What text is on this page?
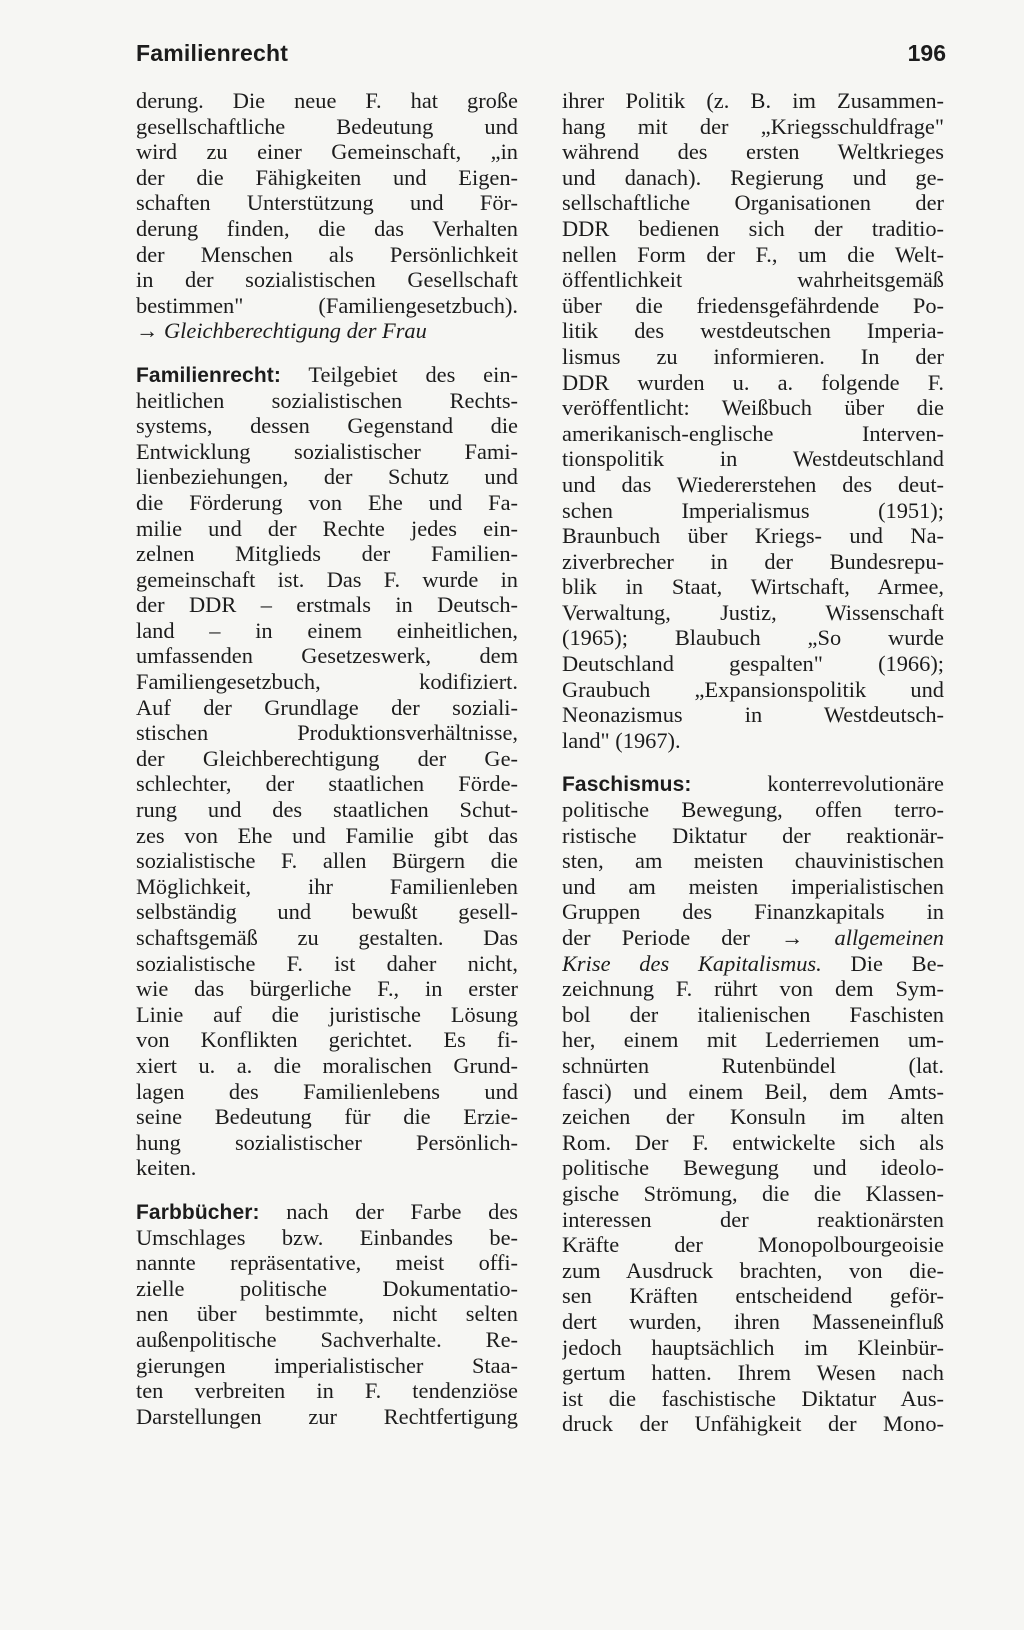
Familienrecht	196
derung. Die neue F. hat große
gesellschaftliche Bedeutung und
wird zu einer Gemeinschaft, „in
der die Fähigkeiten und Eigen-
schaften Unterstützung und För-
derung finden, die das Verhalten
der Menschen als Persönlichkeit
in der sozialistischen Gesellschaft
bestimmen" (Familiengesetzbuch).
→ Gleichberechtigung der Frau
Familienrecht: Teilgebiet des ein-
heitlichen sozialistischen Rechts-
systems, dessen Gegenstand die
Entwicklung sozialistischer Fami-
lienbeziehungen, der Schutz und
die Förderung von Ehe und Fa-
milie und der Rechte jedes ein-
zelnen Mitglieds der Familien-
gemeinschaft ist. Das F. wurde in
der DDR – erstmals in Deutsch-
land – in einem einheitlichen,
umfassenden Gesetzeswerk, dem
Familiengesetzbuch, kodifiziert.
Auf der Grundlage der soziali-
stischen Produktionsverhältnisse,
der Gleichberechtigung der Ge-
schlechter, der staatlichen Förde-
rung und des staatlichen Schut-
zes von Ehe und Familie gibt das
sozialistische F. allen Bürgern die
Möglichkeit, ihr Familienleben
selbständig und bewußt gesell-
schaftsgemäß zu gestalten. Das
sozialistische F. ist daher nicht,
wie das bürgerliche F., in erster
Linie auf die juristische Lösung
von Konflikten gerichtet. Es fi-
xiert u. a. die moralischen Grund-
lagen des Familienlebens und
seine Bedeutung für die Erzie-
hung sozialistischer Persönlich-
keiten.
Farbbücher: nach der Farbe des
Umschlages bzw. Einbandes be-
nannte repräsentative, meist offi-
zielle politische Dokumentatio-
nen über bestimmte, nicht selten
außenpolitische Sachverhalte. Re-
gierungen imperialistischer Staa-
ten verbreiten in F. tendenziöse
Darstellungen zur Rechtfertigung
ihrer Politik (z. B. im Zusammen-
hang mit der „Kriegsschuldfrage"
während des ersten Weltkrieges
und danach). Regierung und ge-
sellschaftliche Organisationen der
DDR bedienen sich der traditio-
nellen Form der F., um die Welt-
öffentlichkeit wahrheitsgemäß
über die friedensgefährdende Po-
litik des westdeutschen Imperia-
lismus zu informieren. In der
DDR wurden u. a. folgende F.
veröffentlicht: Weißbuch über die
amerikanisch-englische Interven-
tionspolitik in Westdeutschland
und das Wiedererstehen des deut-
schen Imperialismus (1951);
Braunbuch über Kriegs- und Na-
ziverbrecher in der Bundesrepu-
blik in Staat, Wirtschaft, Armee,
Verwaltung, Justiz, Wissenschaft
(1965); Blaubuch „So wurde
Deutschland gespalten" (1966);
Graubuch „Expansionspolitik und
Neonazismus in Westdeutsch-
land" (1967).
Faschismus:	konterrevolutionäre
politische Bewegung, offen terro-
ristische Diktatur der reaktionär-
sten, am meisten chauvinistischen
und am meisten imperialistischen
Gruppen des Finanzkapitals in
der Periode der → allgemeinen
Krise des Kapitalismus. Die Be-
zeichnung F. rührt von dem Sym-
bol der italienischen Faschisten
her, einem mit Lederriemen um-
schnürten Rutenbündel (lat.
fasci) und einem Beil, dem Amts-
zeichen der Konsuln im alten
Rom. Der F. entwickelte sich als
politische Bewegung und ideolo-
gische Strömung, die die Klassen-
interessen der reaktionärsten
Kräfte der Monopolbourgeoisie
zum Ausdruck brachten, von die-
sen Kräften entscheidend geför-
dert wurden, ihren Masseneinfluß
jedoch hauptsächlich im Kleinbür-
gertum hatten. Ihrem Wesen nach
ist die faschistische Diktatur Aus-
druck der Unfähigkeit der Mono-
